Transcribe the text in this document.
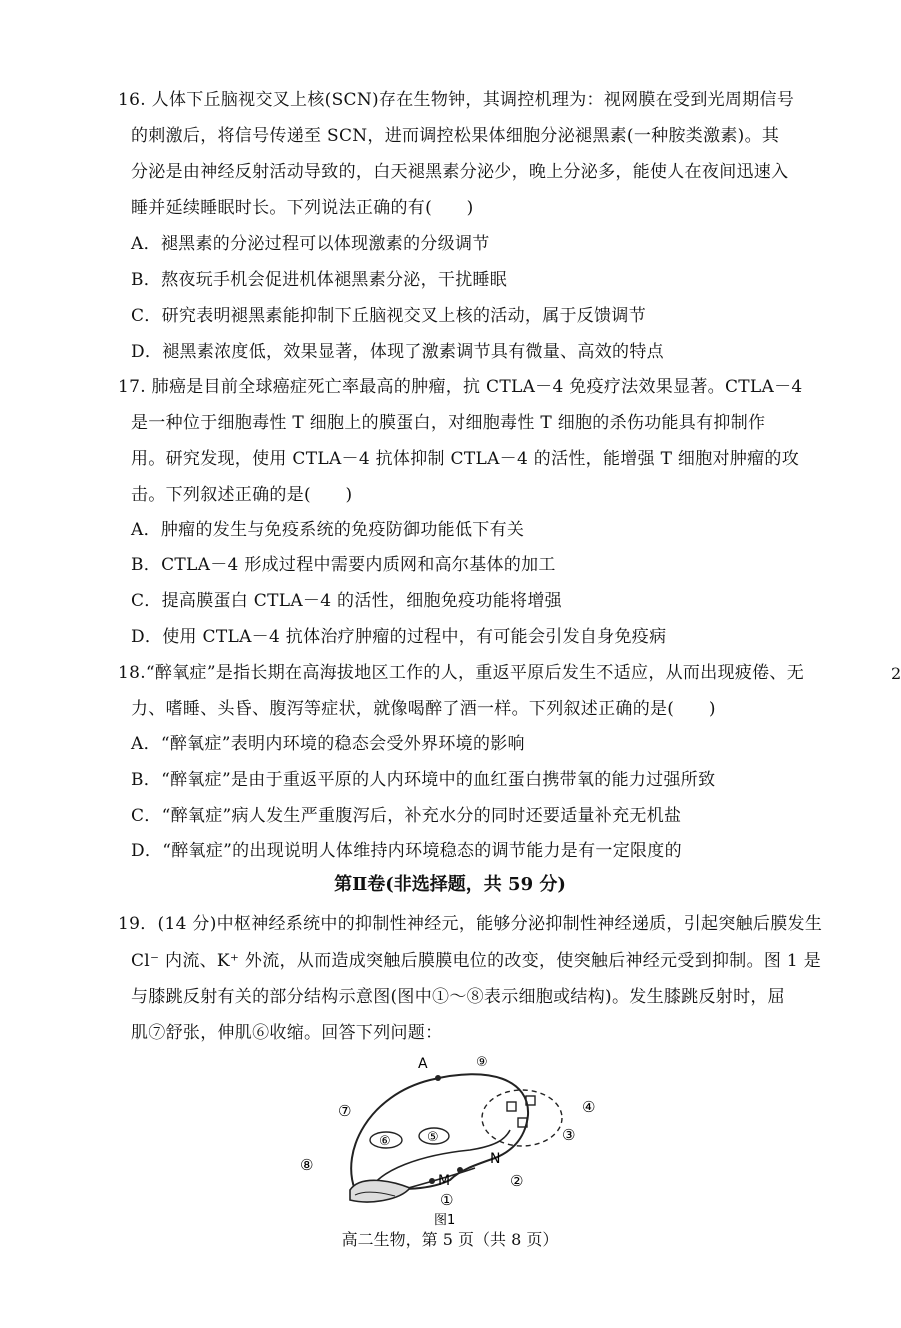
16. 人体下丘脑视交叉上核(SCN)存在生物钟，其调控机理为：视网膜在受到光周期信号
的刺激后，将信号传递至 SCN，进而调控松果体细胞分泌褪黑素(一种胺类激素)。其
分泌是由神经反射活动导致的，白天褪黑素分泌少，晚上分泌多，能使人在夜间迅速入
睡并延续睡眠时长。下列说法正确的有(　　)
A．褪黑素的分泌过程可以体现激素的分级调节
B．熬夜玩手机会促进机体褪黑素分泌，干扰睡眠
C．研究表明褪黑素能抑制下丘脑视交叉上核的活动，属于反馈调节
D．褪黑素浓度低，效果显著，体现了激素调节具有微量、高效的特点
17. 肺癌是目前全球癌症死亡率最高的肿瘤，抗 CTLA－4 免疫疗法效果显著。CTLA－4
是一种位于细胞毒性 T 细胞上的膜蛋白，对细胞毒性 T 细胞的杀伤功能具有抑制作
用。研究发现，使用 CTLA－4 抗体抑制 CTLA－4 的活性，能增强 T 细胞对肿瘤的攻
击。下列叙述正确的是(　　)
A．肿瘤的发生与免疫系统的免疫防御功能低下有关
B．CTLA－4 形成过程中需要内质网和高尔基体的加工
C．提高膜蛋白 CTLA－4 的活性，细胞免疫功能将增强
D．使用 CTLA－4 抗体治疗肿瘤的过程中，有可能会引发自身免疫病
18.“醉氧症”是指长期在高海拔地区工作的人，重返平原后发生不适应，从而出现疲倦、无
力、嗜睡、头昏、腹泻等症状，就像喝醉了酒一样。下列叙述正确的是(　　)
A．“醉氧症”表明内环境的稳态会受外界环境的影响
B．“醉氧症”是由于重返平原的人内环境中的血红蛋白携带氧的能力过强所致
C．“醉氧症”病人发生严重腹泻后，补充水分的同时还要适量补充无机盐
D．“醉氧症”的出现说明人体维持内环境稳态的调节能力是有一定限度的
2
第Ⅱ卷(非选择题，共 59 分)
19．(14 分)中枢神经系统中的抑制性神经元，能够分泌抑制性神经递质，引起突触后膜发生
Cl⁻ 内流、K⁺ 外流，从而造成突触后膜膜电位的改变，使突触后神经元受到抑制。图 1 是
与膝跳反射有关的部分结构示意图(图中①～⑧表示细胞或结构)。发生膝跳反射时，屈
肌⑦舒张，伸肌⑥收缩。回答下列问题：
A	⑨
④
③
⑦
⑥	⑤
N
⑧
M	②
①
图1
高二生物，第 5 页（共 8 页）
